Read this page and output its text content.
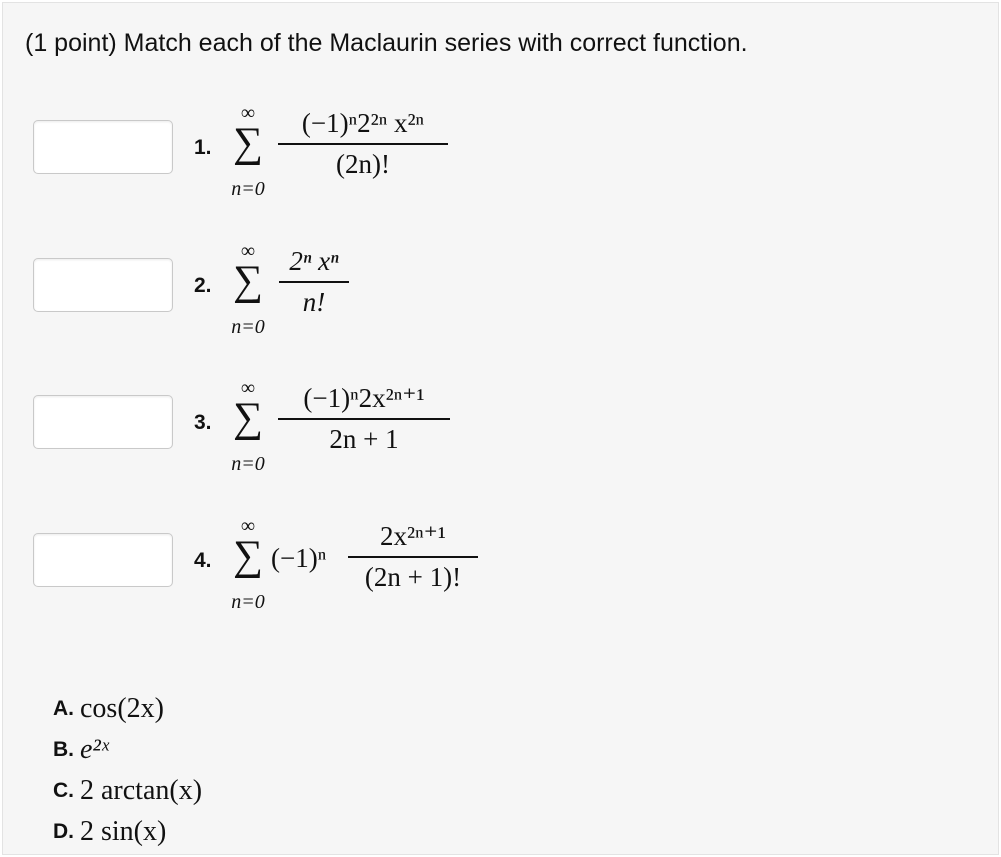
(1 point) Match each of the Maclaurin series with correct function.
1.
∞
∑
n=0
(−1)ⁿ2²ⁿ x²ⁿ
(2n)!
2.
∞
∑
n=0
2ⁿ xⁿ
n!
3.
∞
∑
n=0
(−1)ⁿ2x²ⁿ⁺¹
2n + 1
4.
∞
∑
n=0
(−1)ⁿ
2x²ⁿ⁺¹
(2n + 1)!
A. cos(2x)
B. e²ˣ
C. 2 arctan(x)
D. 2 sin(x)
